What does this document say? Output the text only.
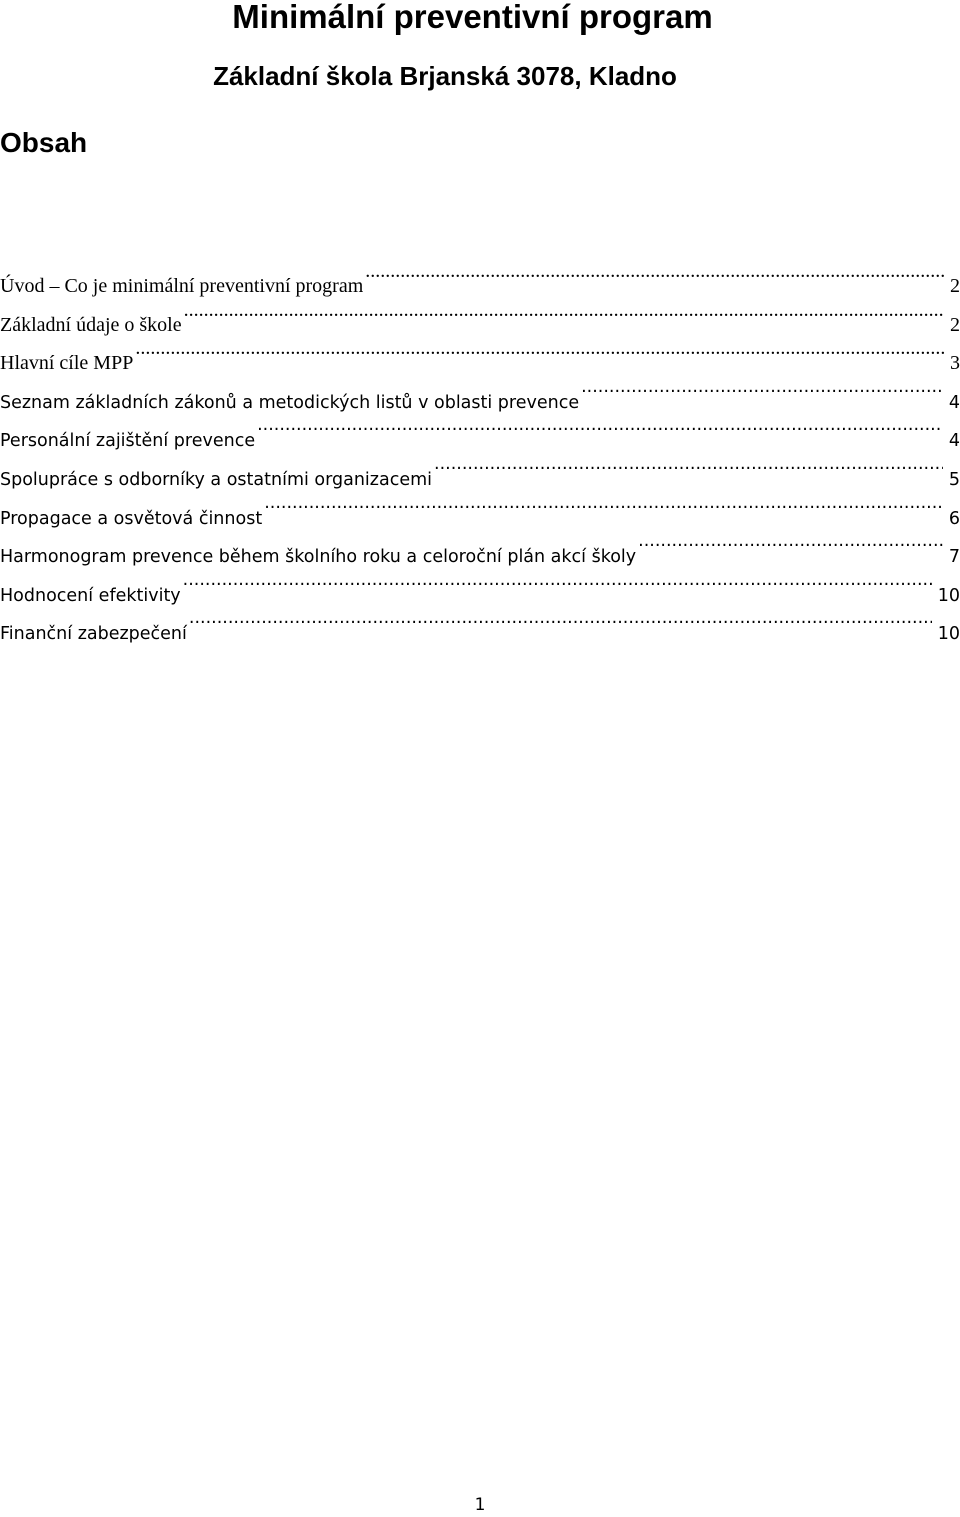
Minimální preventivní program
Základní škola Brjanská 3078, Kladno
Obsah
Úvod – Co je minimální preventivní program .....	2
Základní údaje o škole .....	2
Hlavní cíle MPP .....	3
Seznam základních zákonů a metodických listů v oblasti prevence .....	4
Personální zajištění prevence .....	4
Spolupráce s odborníky a ostatními organizacemi .....	5
Propagace a osvětová činnost .....	6
Harmonogram prevence během školního roku a celoroční plán akcí školy .....	7
Hodnocení efektivity .....	10
Finanční zabezpečení .....	10
1
